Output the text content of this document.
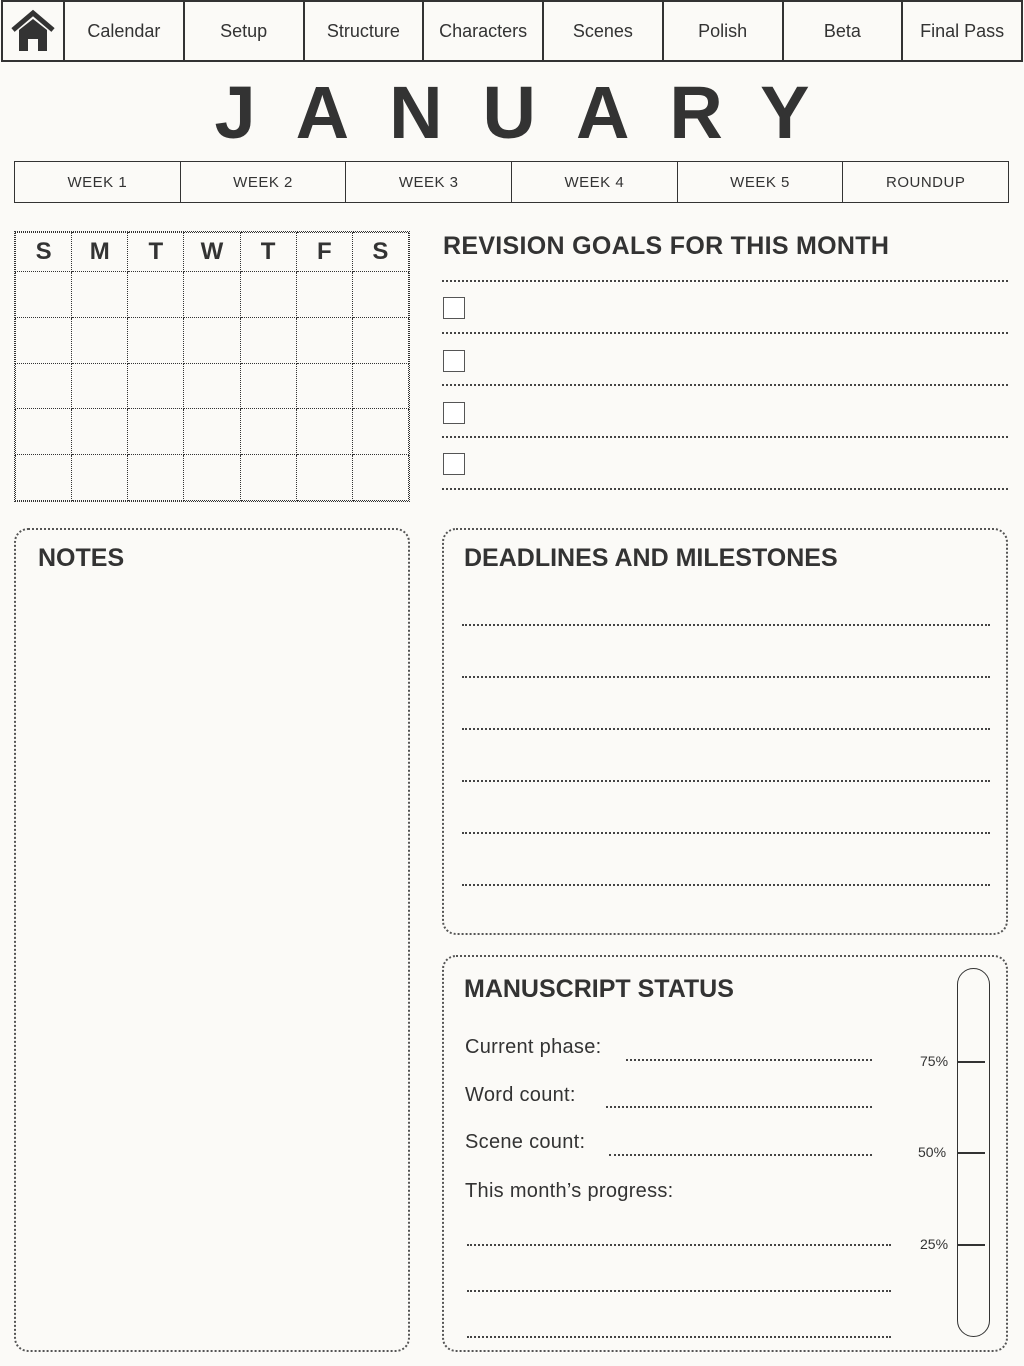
Calendar	Setup	Structure	Characters	Scenes	Polish	Beta	Final Pass
JANUARY
WEEK 1	WEEK 2	WEEK 3	WEEK 4	WEEK 5	ROUNDUP
S	M	T	W	T	F	S

						REVISION GOALS FOR THIS MONTH
NOTES	DEADLINES AND MILESTONES
MANUSCRIPT STATUS
Current phase:
Word count:
Scene count:
This month’s progress:
75%
50%
25%
